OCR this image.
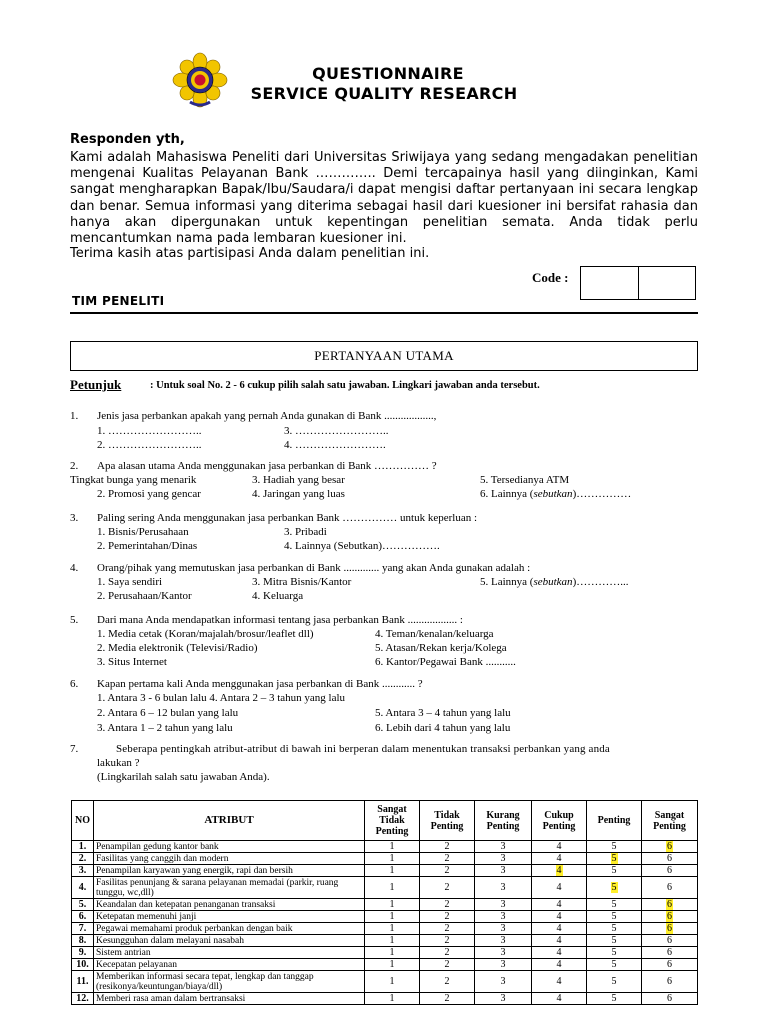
QUESTIONNAIRE
SERVICE QUALITY RESEARCH
Responden yth,
Kami adalah Mahasiswa Peneliti dari Universitas Sriwijaya yang sedang mengadakan penelitian mengenai Kualitas Pelayanan Bank ………….. Demi tercapainya hasil yang diinginkan, Kami sangat mengharapkan Bapak/Ibu/Saudara/i dapat mengisi daftar pertanyaan ini secara lengkap dan benar. Semua informasi yang diterima sebagai hasil dari kuesioner ini bersifat rahasia dan hanya akan dipergunakan untuk kepentingan penelitian semata. Anda tidak perlu mencantumkan nama pada lembaran kuesioner ini.
Terima kasih atas partisipasi Anda dalam penelitian ini.
Code :
TIM PENELITI
PERTANYAAN UTAMA
Petunjuk	: Untuk soal No. 2 - 6 cukup pilih salah satu jawaban. Lingkari jawaban anda tersebut.
1. Jenis jasa perbankan apakah yang pernah Anda gunakan di Bank ..................,
1. ……………………..	3. ……………………..
2. ……………………..	4. …………………….
2. Apa alasan utama Anda menggunakan jasa perbankan di Bank …………… ?
Tingkat bunga yang menarik	3. Hadiah yang besar	5. Tersedianya ATM
2. Promosi yang gencar	4. Jaringan yang luas	6. Lainnya (sebutkan)……………
3. Paling sering Anda menggunakan jasa perbankan Bank …………… untuk keperluan :
1. Bisnis/Perusahaan	3. Pribadi
2. Pemerintahan/Dinas	4. Lainnya (Sebutkan)…………….
4. Orang/pihak yang memutuskan jasa perbankan di Bank ............. yang akan Anda gunakan adalah :
1. Saya sendiri	3. Mitra Bisnis/Kantor	5. Lainnya (sebutkan)…………...
2. Perusahaan/Kantor	4. Keluarga
5. Dari mana Anda mendapatkan informasi tentang jasa perbankan Bank .................. :
1. Media cetak (Koran/majalah/brosur/leaflet dll)	4. Teman/kenalan/keluarga
2. Media elektronik (Televisi/Radio)	5. Atasan/Rekan kerja/Kolega
3. Situs Internet	6. Kantor/Pegawai Bank ...........
6. Kapan pertama kali Anda menggunakan jasa perbankan di Bank ............ ?
1. Antara 3 - 6 bulan lalu 4. Antara 2 – 3 tahun yang lalu
2. Antara 6 – 12 bulan yang lalu	5. Antara 3 – 4 tahun yang lalu
3. Antara 1 – 2 tahun yang lalu	6. Lebih dari 4 tahun yang lalu
7.	Seberapa pentingkah atribut-atribut di bawah ini berperan dalam menentukan transaksi perbankan yang anda
lakukan ?
(Lingkarilah salah satu jawaban Anda).
NO	ATRIBUT	Sangat Tidak Penting	Tidak Penting	Kurang Penting	Cukup Penting	Penting	Sangat Penting
1.	Penampilan gedung kantor bank	1	2	3	4	5	6
2.	Fasilitas yang canggih dan modern	1	2	3	4	5	6
3.	Penampilan karyawan yang energik, rapi dan bersih	1	2	3	4	5	6
4.	Fasilitas penunjang & sarana pelayanan memadai (parkir, ruang tunggu, wc,dll)	1	2	3	4	5	6
5.	Keandalan dan ketepatan penanganan transaksi	1	2	3	4	5	6
6.	Ketepatan memenuhi janji	1	2	3	4	5	6
7.	Pegawai memahami produk perbankan dengan baik	1	2	3	4	5	6
8.	Kesungguhan dalam melayani nasabah	1	2	3	4	5	6
9.	Sistem antrian	1	2	3	4	5	6
10.	Kecepatan pelayanan	1	2	3	4	5	6
11.	Memberikan informasi secara tepat, lengkap dan tanggap (resikonya/keuntungan/biaya/dll)	1	2	3	4	5	6
12.	Memberi rasa aman dalam bertransaksi	1	2	3	4	5	6
